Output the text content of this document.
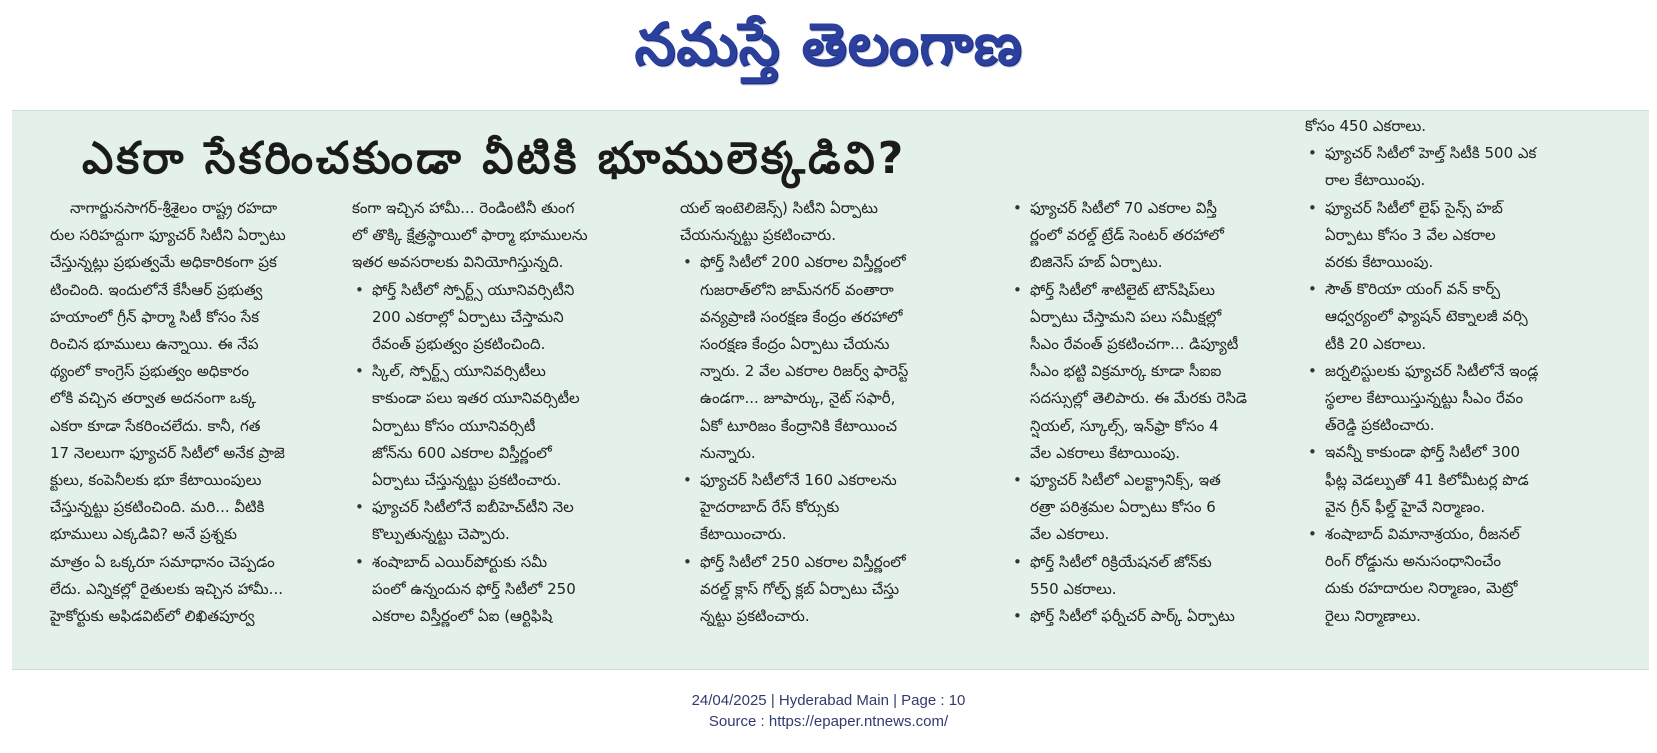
నమస్తే తెలంగాణ
ఎకరా సేకరించకుండా వీటికి భూములెక్కడివి?

నాగార్జునసాగర్-శ్రీశైలం రాష్ట్ర రహదా

రుల సరిహద్దుగా ఫ్యూచర్ సిటీని ఏర్పాటు

చేస్తున్నట్లు ప్రభుత్వమే అధికారికంగా ప్రక

టించింది. ఇందులోనే కేసీఆర్ ప్రభుత్వ

హయాంలో గ్రీన్ ఫార్మా సిటీ కోసం సేక

రించిన భూములు ఉన్నాయి. ఈ నేప

థ్యంలో కాంగ్రెస్ ప్రభుత్వం అధికారం

లోకి వచ్చిన తర్వాత అదనంగా ఒక్క

ఎకరా కూడా సేకరించలేదు. కానీ, గత

17 నెలలుగా ఫ్యూచర్ సిటీలో అనేక ప్రాజె

క్టులు, కంపెనీలకు భూ కేటాయింపులు

చేస్తున్నట్టు ప్రకటించింది. మరి... వీటికి

భూములు ఎక్కడివి? అనే ప్రశ్నకు

మాత్రం ఏ ఒక్కరూ సమాధానం చెప్పడం

లేదు. ఎన్నికల్లో రైతులకు ఇచ్చిన హామీ...

హైకోర్టుకు అఫిడవిట్‌లో లిఖితపూర్వ

కంగా ఇచ్చిన హామీ... రెండింటినీ తుంగ

లో తొక్కి క్షేత్రస్థాయిలో ఫార్మా భూములను

ఇతర అవసరాలకు వినియోగిస్తున్నది.

• ఫోర్త్ సిటీలో స్పోర్ట్స్ యూనివర్సిటీని
200 ఎకరాల్లో ఏర్పాటు చేస్తామని
రేవంత్ ప్రభుత్వం ప్రకటించింది.
• స్కిల్, స్పోర్ట్స్ యూనివర్సిటీలు
కాకుండా పలు ఇతర యూనివర్సిటీల
ఏర్పాటు కోసం యూనివర్సిటీ
జోన్‌ను 600 ఎకరాల విస్తీర్ణంలో
ఏర్పాటు చేస్తున్నట్టు ప్రకటించారు.
• ఫ్యూచర్ సిటీలోనే ఐబీహెచ్‌టీని నెల
కొల్పుతున్నట్టు చెప్పారు.
• శంషాబాద్ ఎయిర్‌పోర్టుకు సమీ
పంలో ఉన్నందున ఫోర్త్ సిటీలో 250
ఎకరాల విస్తీర్ణంలో ఏఐ (ఆర్టిఫిషి

యల్ ఇంటెలిజెన్స్) సిటీని ఏర్పాటు

చేయనున్నట్టు ప్రకటించారు.

• ఫోర్త్ సిటీలో 200 ఎకరాల విస్తీర్ణంలో
గుజరాత్‌లోని జామ్‌నగర్ వంతారా
వన్యప్రాణి సంరక్షణ కేంద్రం తరహాలో
సంరక్షణ కేంద్రం ఏర్పాటు చేయను
న్నారు. 2 వేల ఎకరాల రిజర్వ్ ఫారెస్ట్
ఉండగా... జూపార్కు, నైట్ సఫారీ,
ఏకో టూరిజం కేంద్రానికి కేటాయించ
నున్నారు.
• ఫ్యూచర్ సిటీలోనే 160 ఎకరాలను
హైదరాబాద్ రేస్ కోర్సుకు
కేటాయించారు.
• ఫోర్త్ సిటీలో 250 ఎకరాల విస్తీర్ణంలో
వరల్డ్ క్లాస్ గోల్ఫ్ క్లబ్ ఏర్పాటు చేస్తు
న్నట్టు ప్రకటించారు.
• ఫ్యూచర్ సిటీలో 70 ఎకరాల విస్తీ
ర్ణంలో వరల్డ్ ట్రేడ్ సెంటర్ తరహాలో
బిజినెస్ హబ్ ఏర్పాటు.
• ఫోర్త్ సిటీలో శాటిలైట్ టౌన్‌షిప్‌లు
ఏర్పాటు చేస్తామని పలు సమీక్షల్లో
సీఎం రేవంత్ ప్రకటించగా... డిప్యూటీ
సీఎం భట్టి విక్రమార్క కూడా సీఐఐ
సదస్సుల్లో తెలిపారు. ఈ మేరకు రెసిడె
న్షియల్, స్కూల్స్, ఇన్‌ఫ్రా కోసం 4
వేల ఎకరాలు కేటాయింపు.
• ఫ్యూచర్ సిటీలో ఎలక్ట్రానిక్స్, ఇత
రత్రా పరిశ్రమల ఏర్పాటు కోసం 6
వేల ఎకరాలు.
• ఫోర్త్ సిటీలో రిక్రియేషనల్ జోన్‌కు
550 ఎకరాలు.
• ఫోర్త్ సిటీలో ఫర్నీచర్ పార్క్ ఏర్పాటు

కోసం 450 ఎకరాలు.

• ఫ్యూచర్ సిటీలో హెల్త్ సిటీకి 500 ఎక
రాల కేటాయింపు.
• ఫ్యూచర్ సిటీలో లైఫ్ సైన్స్ హబ్
ఏర్పాటు కోసం 3 వేల ఎకరాల
వరకు కేటాయింపు.
• సౌత్ కొరియా యంగ్ వన్ కార్ప్
ఆధ్వర్యంలో ఫ్యాషన్ టెక్నాలజీ వర్సి
టీకి 20 ఎకరాలు.
• జర్నలిస్టులకు ఫ్యూచర్ సిటీలోనే ఇండ్ల
స్థలాల కేటాయిస్తున్నట్టు సీఎం రేవం
త్‌రెడ్డి ప్రకటించారు.
• ఇవన్నీ కాకుండా ఫోర్త్ సిటీలో 300
ఫీట్ల వెడల్పుతో 41 కిలోమీటర్ల పొడ
వైన గ్రీన్ ఫీల్డ్ హైవే నిర్మాణం.
• శంషాబాద్ విమానాశ్రయం, రీజనల్
రింగ్ రోడ్డును అనుసంధానించేం
దుకు రహదారుల నిర్మాణం, మెట్రో
రైలు నిర్మాణాలు.
24/04/2025 | Hyderabad Main | Page : 10
Source : https://epaper.ntnews.com/
